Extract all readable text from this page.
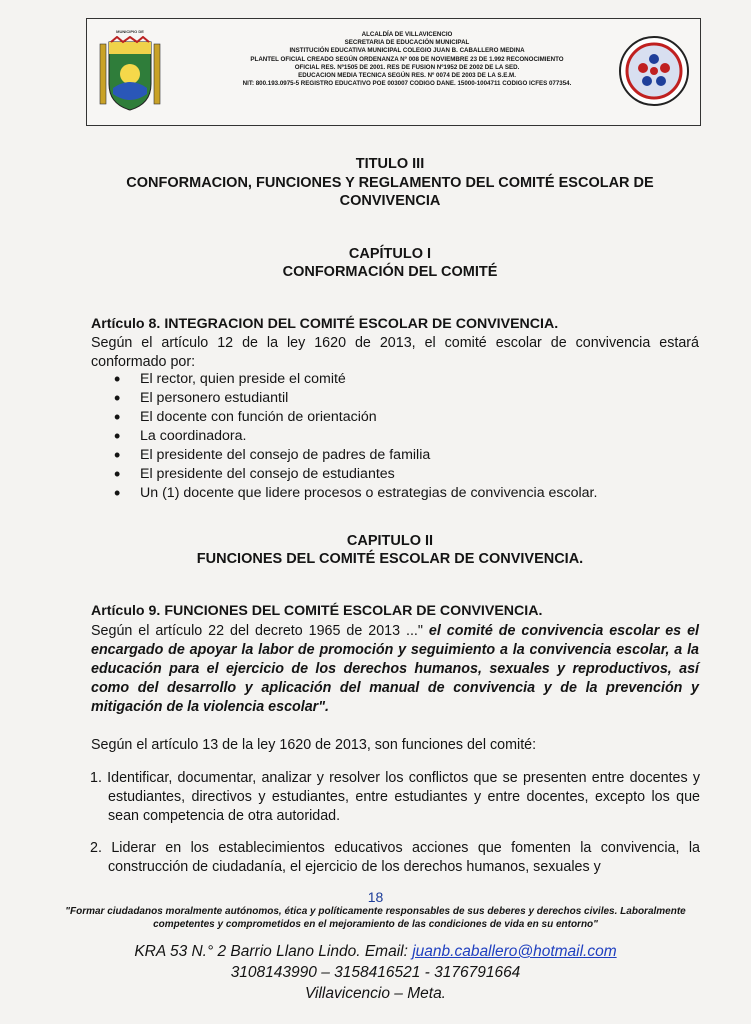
MUNICIPIO DE	ALCALDÍA DE VILLAVICENCIO
SECRETARIA DE EDUCACIÓN MUNICIPAL
INSTITUCIÓN EDUCATIVA MUNICIPAL COLEGIO JUAN B. CABALLERO MEDINA
PLANTEL OFICIAL CREADO SEGÚN ORDENANZA Nº 008 DE NOVIEMBRE 23 DE 1.992 RECONOCIMIENTO
OFICIAL RES. Nº1505 DE 2001. RES DE FUSION Nº1952 DE 2002 DE LA SED.
EDUCACION MEDIA TECNICA SEGÚN RES. Nº 0074 DE 2003 DE LA S.E.M.
NIT: 800.193.0975-5 REGISTRO EDUCATIVO POE 003007 CODIGO DANE. 15000-1004711 CODIGO ICFES 077354.
TITULO III
CONFORMACION, FUNCIONES Y REGLAMENTO DEL COMITÉ ESCOLAR DE
CONVIVENCIA
CAPÍTULO I
CONFORMACIÓN DEL COMITÉ
Artículo 8. INTEGRACION DEL COMITÉ ESCOLAR DE CONVIVENCIA.
Según el artículo 12 de la ley 1620 de 2013, el comité escolar de convivencia estará conformado por:
• El rector, quien preside el comité
• El personero estudiantil
• El docente con función de orientación
• La coordinadora.
• El presidente del consejo de padres de familia
• El presidente del consejo de estudiantes
• Un (1) docente que lidere procesos o estrategias de convivencia escolar.
CAPITULO II
FUNCIONES DEL COMITÉ ESCOLAR DE CONVIVENCIA.
Artículo 9. FUNCIONES DEL COMITÉ ESCOLAR DE CONVIVENCIA.
Según el artículo 22 del decreto 1965 de 2013 ..." el comité de convivencia escolar es el encargado de apoyar la labor de promoción y seguimiento a la convivencia escolar, a la educación para el ejercicio de los derechos humanos, sexuales y reproductivos, así como del desarrollo y aplicación del manual de convivencia y de la prevención y mitigación de la violencia escolar".
Según el artículo 13 de la ley 1620 de 2013, son funciones del comité:
1. Identificar, documentar, analizar y resolver los conflictos que se presenten entre docentes y estudiantes, directivos y estudiantes, entre estudiantes y entre docentes, excepto los que sean competencia de otra autoridad.
2. Liderar en los establecimientos educativos acciones que fomenten la convivencia, la construcción de ciudadanía, el ejercicio de los derechos humanos, sexuales y
18
"Formar ciudadanos moralmente autónomos, ética y políticamente responsables de sus deberes y derechos civiles. Laboralmente
competentes y comprometidos en el mejoramiento de las condiciones de vida en su entorno"
KRA 53 N.° 2 Barrio Llano Lindo. Email: juanb.caballero@hotmail.com
3108143990 – 3158416521 - 3176791664
Villavicencio – Meta.
